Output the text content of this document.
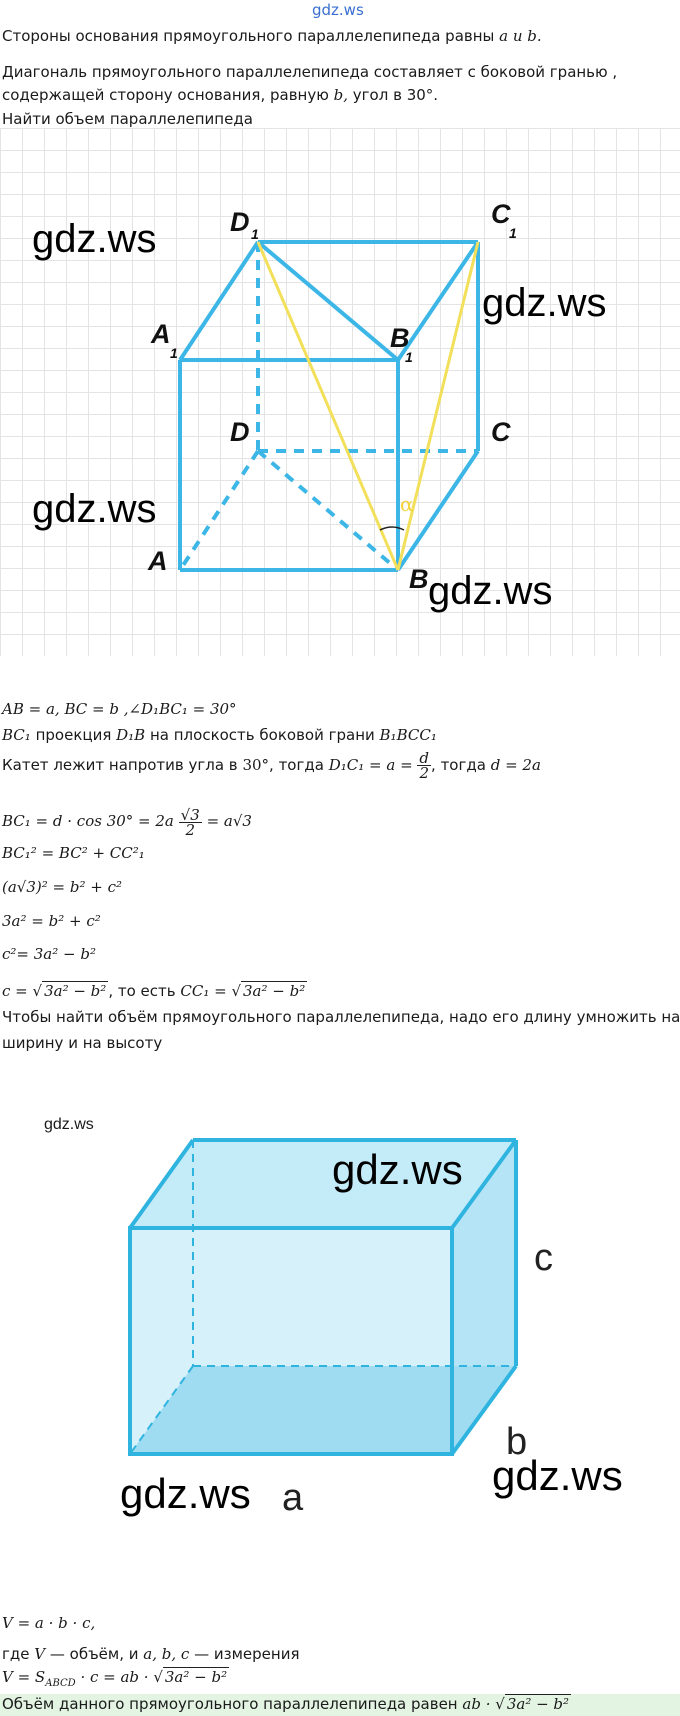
gdz.ws
Стороны основания прямоугольного параллелепипеда равны a и b.
Диагональ прямоугольного параллелепипеда составляет с боковой гранью ,
содержащей сторону основания, равную b, угол в 30°.
Найти объем параллелепипеда
D 1
C
1
A
1	B
1
D	C
A
B
α
gdz.ws
gdz.ws
gdz.ws
gdz.ws
AB = a, BC = b ,∠D₁BC₁ = 30°
BC₁ проекция D₁B на плоскость боковой грани B₁BCC₁
Катет лежит напротив угла в 30°, тогда $D_1C_1 = a = \frac{d}{2}$ , тогда d = 2a
$BC_1 = d \cdot \cos 30^\circ = 2a \frac{√3}{2} = a√3$
BC₁² = BC² + CC²₁
(a√3)² = b² + c²
3a² = b² + c²
c²= 3a² − b²
c = √ 3a² − b² , то есть CC₁ = √ 3a² − b²
Чтобы найти объём прямоугольного параллелепипеда, надо его длину умножить на
ширину и на высоту
gdz.ws
a
b
c
gdz.ws
gdz.ws	gdz.ws
V = a · b · c,
где V — объём, и a, b, c — измерения
$V = S_{ABCD} \cdot c$ = ab · √ 3a² − b²
Объём данного прямоугольного параллелепипеда равен ab · √ 3a² − b²
